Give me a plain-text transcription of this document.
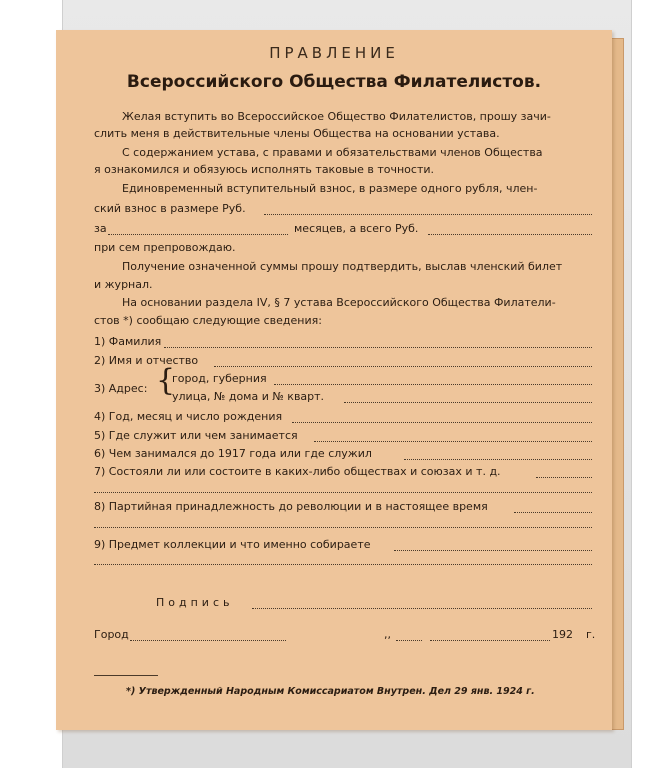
ПРАВЛЕНИЕ
Всероссийского Общества Филателистов.
Желая вступить во Всероссийское Общество Филателистов, прошу зачи-
слить меня в действительные члены Общества на основании устава.
С содержанием устава, с правами и обязательствами членов Общества
я ознакомился и обязуюсь исполнять таковые в точности.
Единовременный вступительный взнос, в размере одного рубля, член-
ский взнос в размере Руб.
за	месяцев, а всего Руб.
при сем препровождаю.
Получение означенной суммы прошу подтвердить, выслав членский билет
и журнал.
На основании раздела IV, § 7 устава Всероссийского Общества Филатели-
стов *) сообщаю следующие сведения:
1) Фамилия
2) Имя и отчество
3) Адрес: {
город, губерния
улица, № дома и № кварт.
4) Год, месяц и число рождения
5) Где служит или чем занимается
6) Чем занимался до 1917 года или где служил
7) Состояли ли или состоите в каких-либо обществах и союзах и т. д.
8) Партийная принадлежность до революции и в настоящее время
9) Предмет коллекции и что именно собираете
Подпись
Город	,,	192 г.
*) Утвержденный Народным Комиссариатом Внутрен. Дел 29 янв. 1924 г.
